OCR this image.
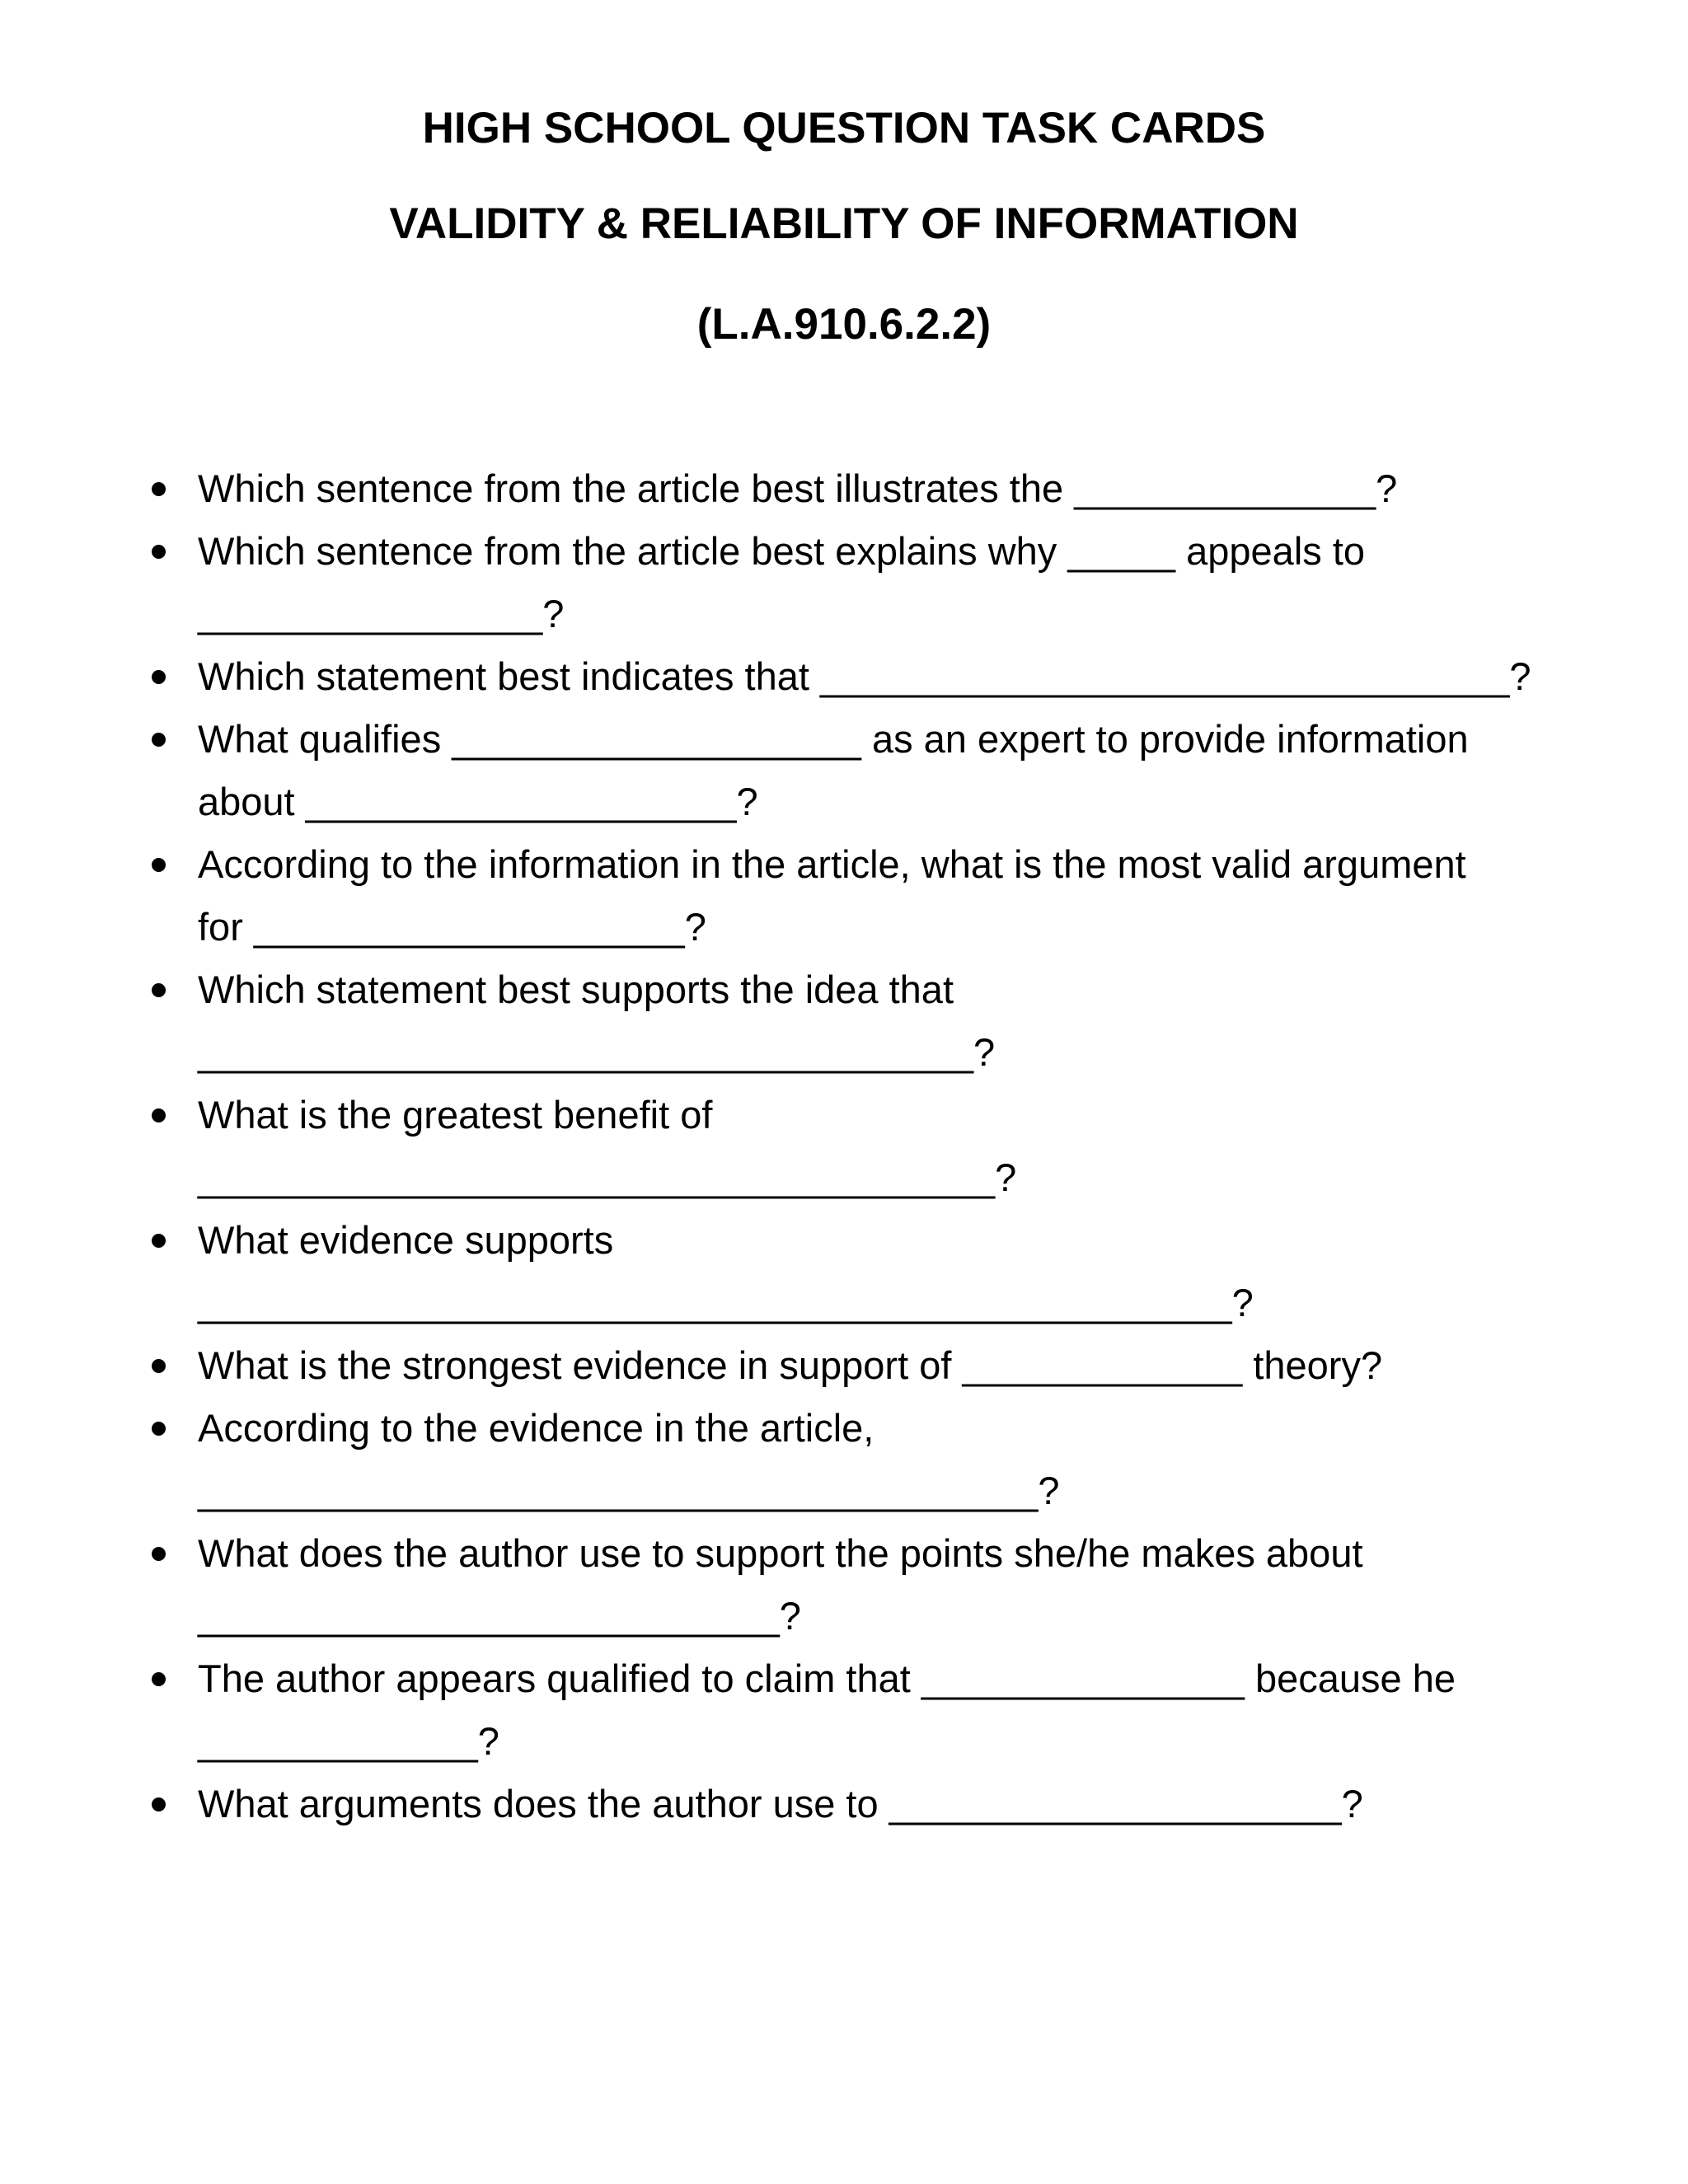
HIGH SCHOOL QUESTION TASK CARDS
VALIDITY & RELIABILITY OF INFORMATION
(L.A.910.6.2.2)
Which sentence from the article best illustrates the ______________?
Which sentence from the article best explains why _____ appeals to
________________?
Which statement best indicates that ________________________________?
What qualifies ___________________ as an expert to provide information
about ____________________?
According to the information in the article, what is the most valid argument
for ____________________?
Which statement best supports the idea that
____________________________________?
What is the greatest benefit of
_____________________________________?
What evidence supports
________________________________________________?
What is the strongest evidence in support of _____________ theory?
According to the evidence in the article,
_______________________________________?
What does the author use to support the points she/he makes about
___________________________?
The author appears qualified to claim that _______________ because he
_____________?
What arguments does the author use to _____________________?
